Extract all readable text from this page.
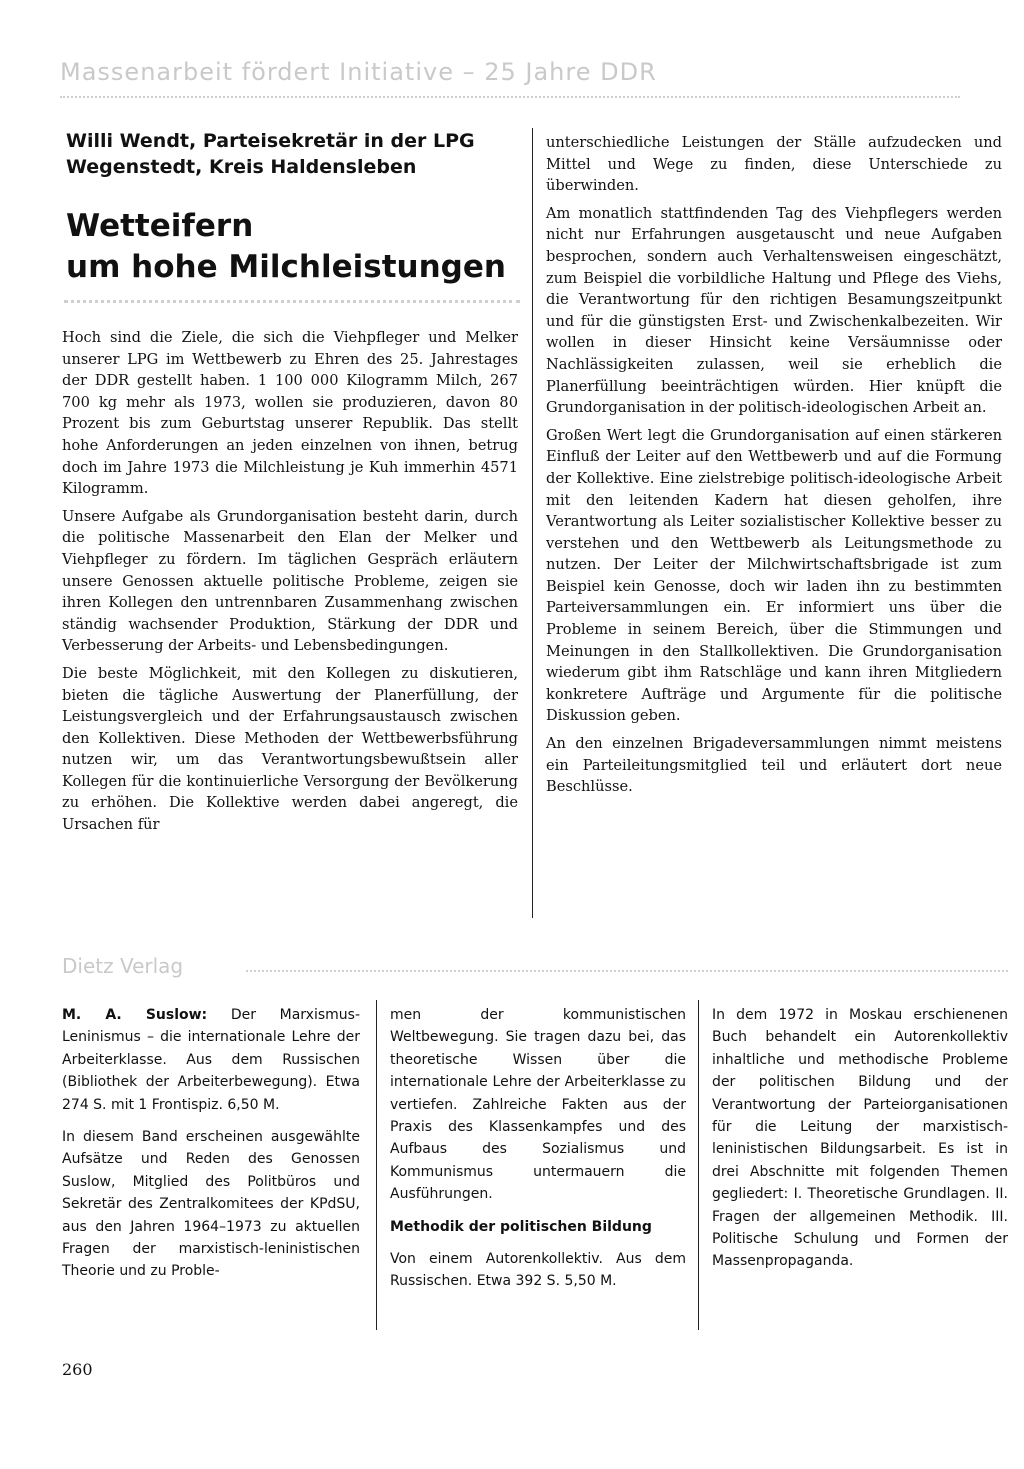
Massenarbeit fördert Initiative – 25 Jahre DDR
Willi Wendt, Parteisekretär in der LPG Wegenstedt, Kreis Haldensleben
Wetteifern
um hohe Milchleistungen

Hoch sind die Ziele, die sich die Viehpfleger und Melker unserer LPG im Wettbewerb zu Ehren des 25. Jahrestages der DDR gestellt haben. 1 100 000 Kilogramm Milch, 267 700 kg mehr als 1973, wollen sie produzieren, davon 80 Prozent bis zum Geburtstag unserer Republik. Das stellt hohe Anforderungen an jeden einzelnen von ihnen, betrug doch im Jahre 1973 die Milchleistung je Kuh immerhin 4571 Kilogramm.

Unsere Aufgabe als Grundorganisation besteht darin, durch die politische Massenarbeit den Elan der Melker und Viehpfleger zu fördern. Im täglichen Gespräch erläutern unsere Genossen aktuelle politische Probleme, zeigen sie ihren Kollegen den untrennbaren Zusammenhang zwischen ständig wachsender Produktion, Stärkung der DDR und Verbesserung der Arbeits- und Lebensbedingungen.

Die beste Möglichkeit, mit den Kollegen zu diskutieren, bieten die tägliche Auswertung der Planerfüllung, der Leistungsvergleich und der Erfahrungsaustausch zwischen den Kollektiven. Diese Methoden der Wettbewerbsführung nutzen wir, um das Verantwortungsbewußtsein aller Kollegen für die kontinuierliche Versorgung der Bevölkerung zu erhöhen. Die Kollektive werden dabei angeregt, die Ursachen für

unterschiedliche Leistungen der Ställe aufzudecken und Mittel und Wege zu finden, diese Unterschiede zu überwinden.

Am monatlich stattfindenden Tag des Viehpflegers werden nicht nur Erfahrungen ausgetauscht und neue Aufgaben besprochen, sondern auch Verhaltensweisen eingeschätzt, zum Beispiel die vorbildliche Haltung und Pflege des Viehs, die Verantwortung für den richtigen Besamungszeitpunkt und für die günstigsten Erst- und Zwischenkalbezeiten. Wir wollen in dieser Hinsicht keine Versäumnisse oder Nachlässigkeiten zulassen, weil sie erheblich die Planerfüllung beeinträchtigen würden. Hier knüpft die Grundorganisation in der politisch-ideologischen Arbeit an.

Großen Wert legt die Grundorganisation auf einen stärkeren Einfluß der Leiter auf den Wettbewerb und auf die Formung der Kollektive. Eine zielstrebige politisch-ideologische Arbeit mit den leitenden Kadern hat diesen geholfen, ihre Verantwortung als Leiter sozialistischer Kollektive besser zu verstehen und den Wettbewerb als Leitungsmethode zu nutzen. Der Leiter der Milchwirtschaftsbrigade ist zum Beispiel kein Genosse, doch wir laden ihn zu bestimmten Parteiversammlungen ein. Er informiert uns über die Probleme in seinem Bereich, über die Stimmungen und Meinungen in den Stallkollektiven. Die Grundorganisation wiederum gibt ihm Ratschläge und kann ihren Mitgliedern konkretere Aufträge und Argumente für die politische Diskussion geben.

An den einzelnen Brigadeversammlungen nimmt meistens ein Parteileitungsmitglied teil und erläutert dort neue Beschlüsse.

Dietz Verlag

M. A. Suslow: Der Marxismus-Leninismus – die internationale Lehre der Arbeiterklasse. Aus dem Russischen (Bibliothek der Arbeiterbewegung). Etwa 274 S. mit 1 Frontispiz. 6,50 M.

In diesem Band erscheinen ausgewählte Aufsätze und Reden des Genossen Suslow, Mitglied des Politbüros und Sekretär des Zentralkomitees der KPdSU, aus den Jahren 1964–1973 zu aktuellen Fragen der marxistisch-leninistischen Theorie und zu Proble-

men der kommunistischen Weltbewegung. Sie tragen dazu bei, das theoretische Wissen über die internationale Lehre der Arbeiterklasse zu vertiefen. Zahlreiche Fakten aus der Praxis des Klassenkampfes und des Aufbaus des Sozialismus und Kommunismus untermauern die Ausführungen.

Methodik der politischen Bildung

Von einem Autorenkollektiv. Aus dem Russischen. Etwa 392 S. 5,50 M.

In dem 1972 in Moskau erschienenen Buch behandelt ein Autorenkollektiv inhaltliche und methodische Probleme der politischen Bildung und der Verantwortung der Parteiorganisationen für die Leitung der marxistisch-leninistischen Bildungsarbeit. Es ist in drei Abschnitte mit folgenden Themen gegliedert: I. Theoretische Grundlagen. II. Fragen der allgemeinen Methodik. III. Politische Schulung und Formen der Massenpropaganda.

260
